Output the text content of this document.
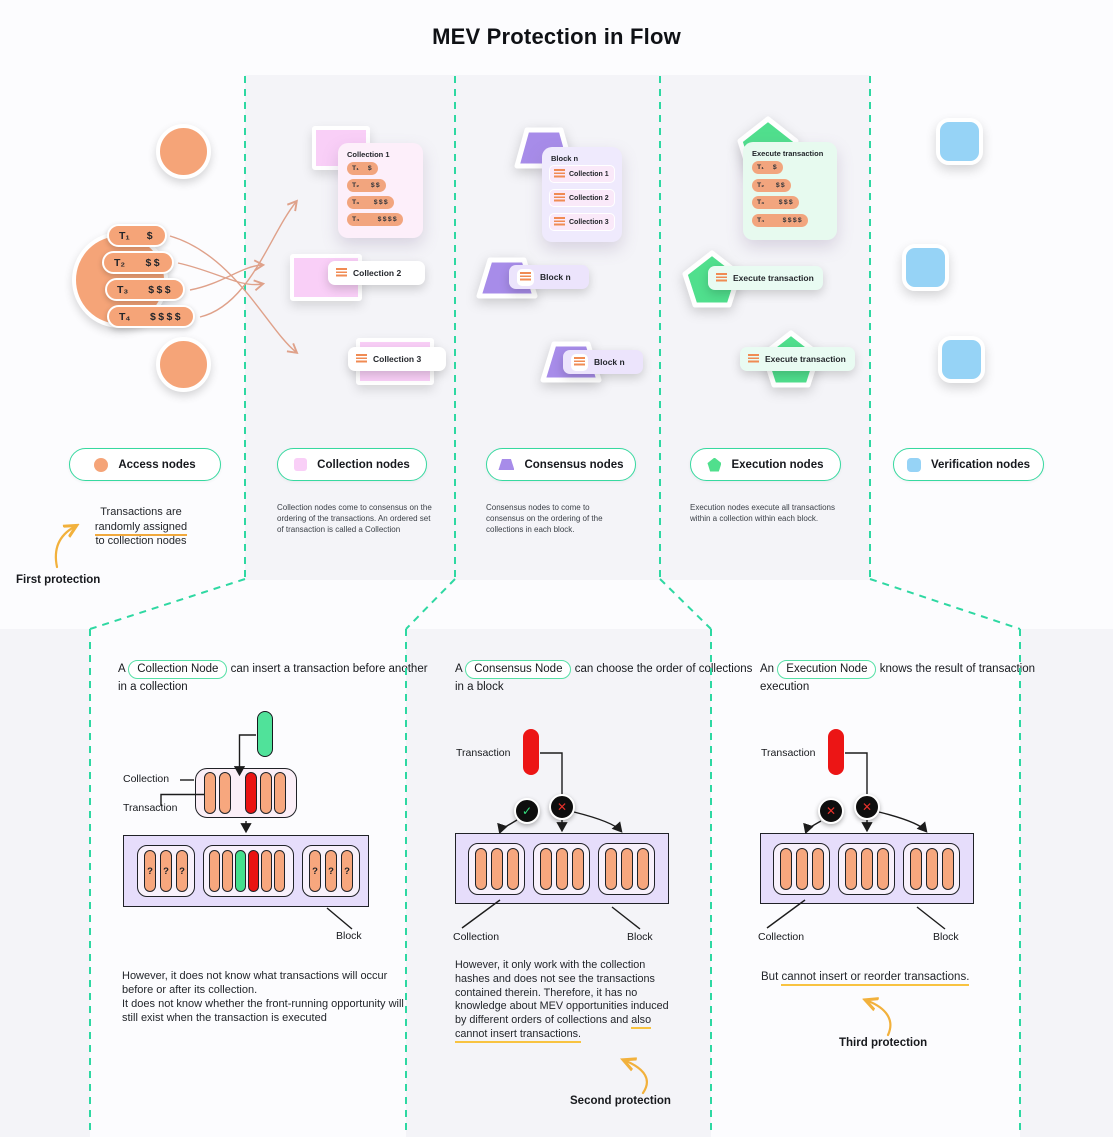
MEV Protection in Flow
T₁ $
T₂ $$
T₃ $$$
T₄ $$$$
Collection 1
T₁ $
T₂ $$
T₃ $$$
T₄	$$$$
Collection 2
Collection 3
Block n
Collection 1
Collection 2
Collection 3
Block n
Block n
Execute transaction
T₁ $
T₂ $$
T₃ $$$
T₄	$$$$
Execute transaction
Execute transaction
Access nodes	Collection nodes	Consensus nodes	Execution nodes	Verification nodes
Transactions are
randomly assigned
to collection nodes
First protection
Collection nodes come to consensus on the ordering of the transactions. An ordered set of transaction is called a Collection
Consensus nodes to come to consensus on the ordering of the collections in each block.
Execution nodes execute all transactions within a collection within each block.
A Collection Node can insert a transaction before another in a collection
Collection
Transaction
?	?	?	?	?	?
Block
However, it does not know what transactions will occur before or after its collection.
It does not know whether the front-running opportunity will still exist when the transaction is executed
A Consensus Node can choose the order of collections in a block
Transaction
✓ ✕
Collection	Block
However, it only work with the collection hashes and does not see the transactions contained therein. Therefore, it has no knowledge about MEV opportunities induced by different orders of collections and also cannot insert transactions.
Second protection
An Execution Node knows the result of transaction execution
Transaction
✕ ✕
Collection	Block
But cannot insert or reorder transactions.
Third protection
